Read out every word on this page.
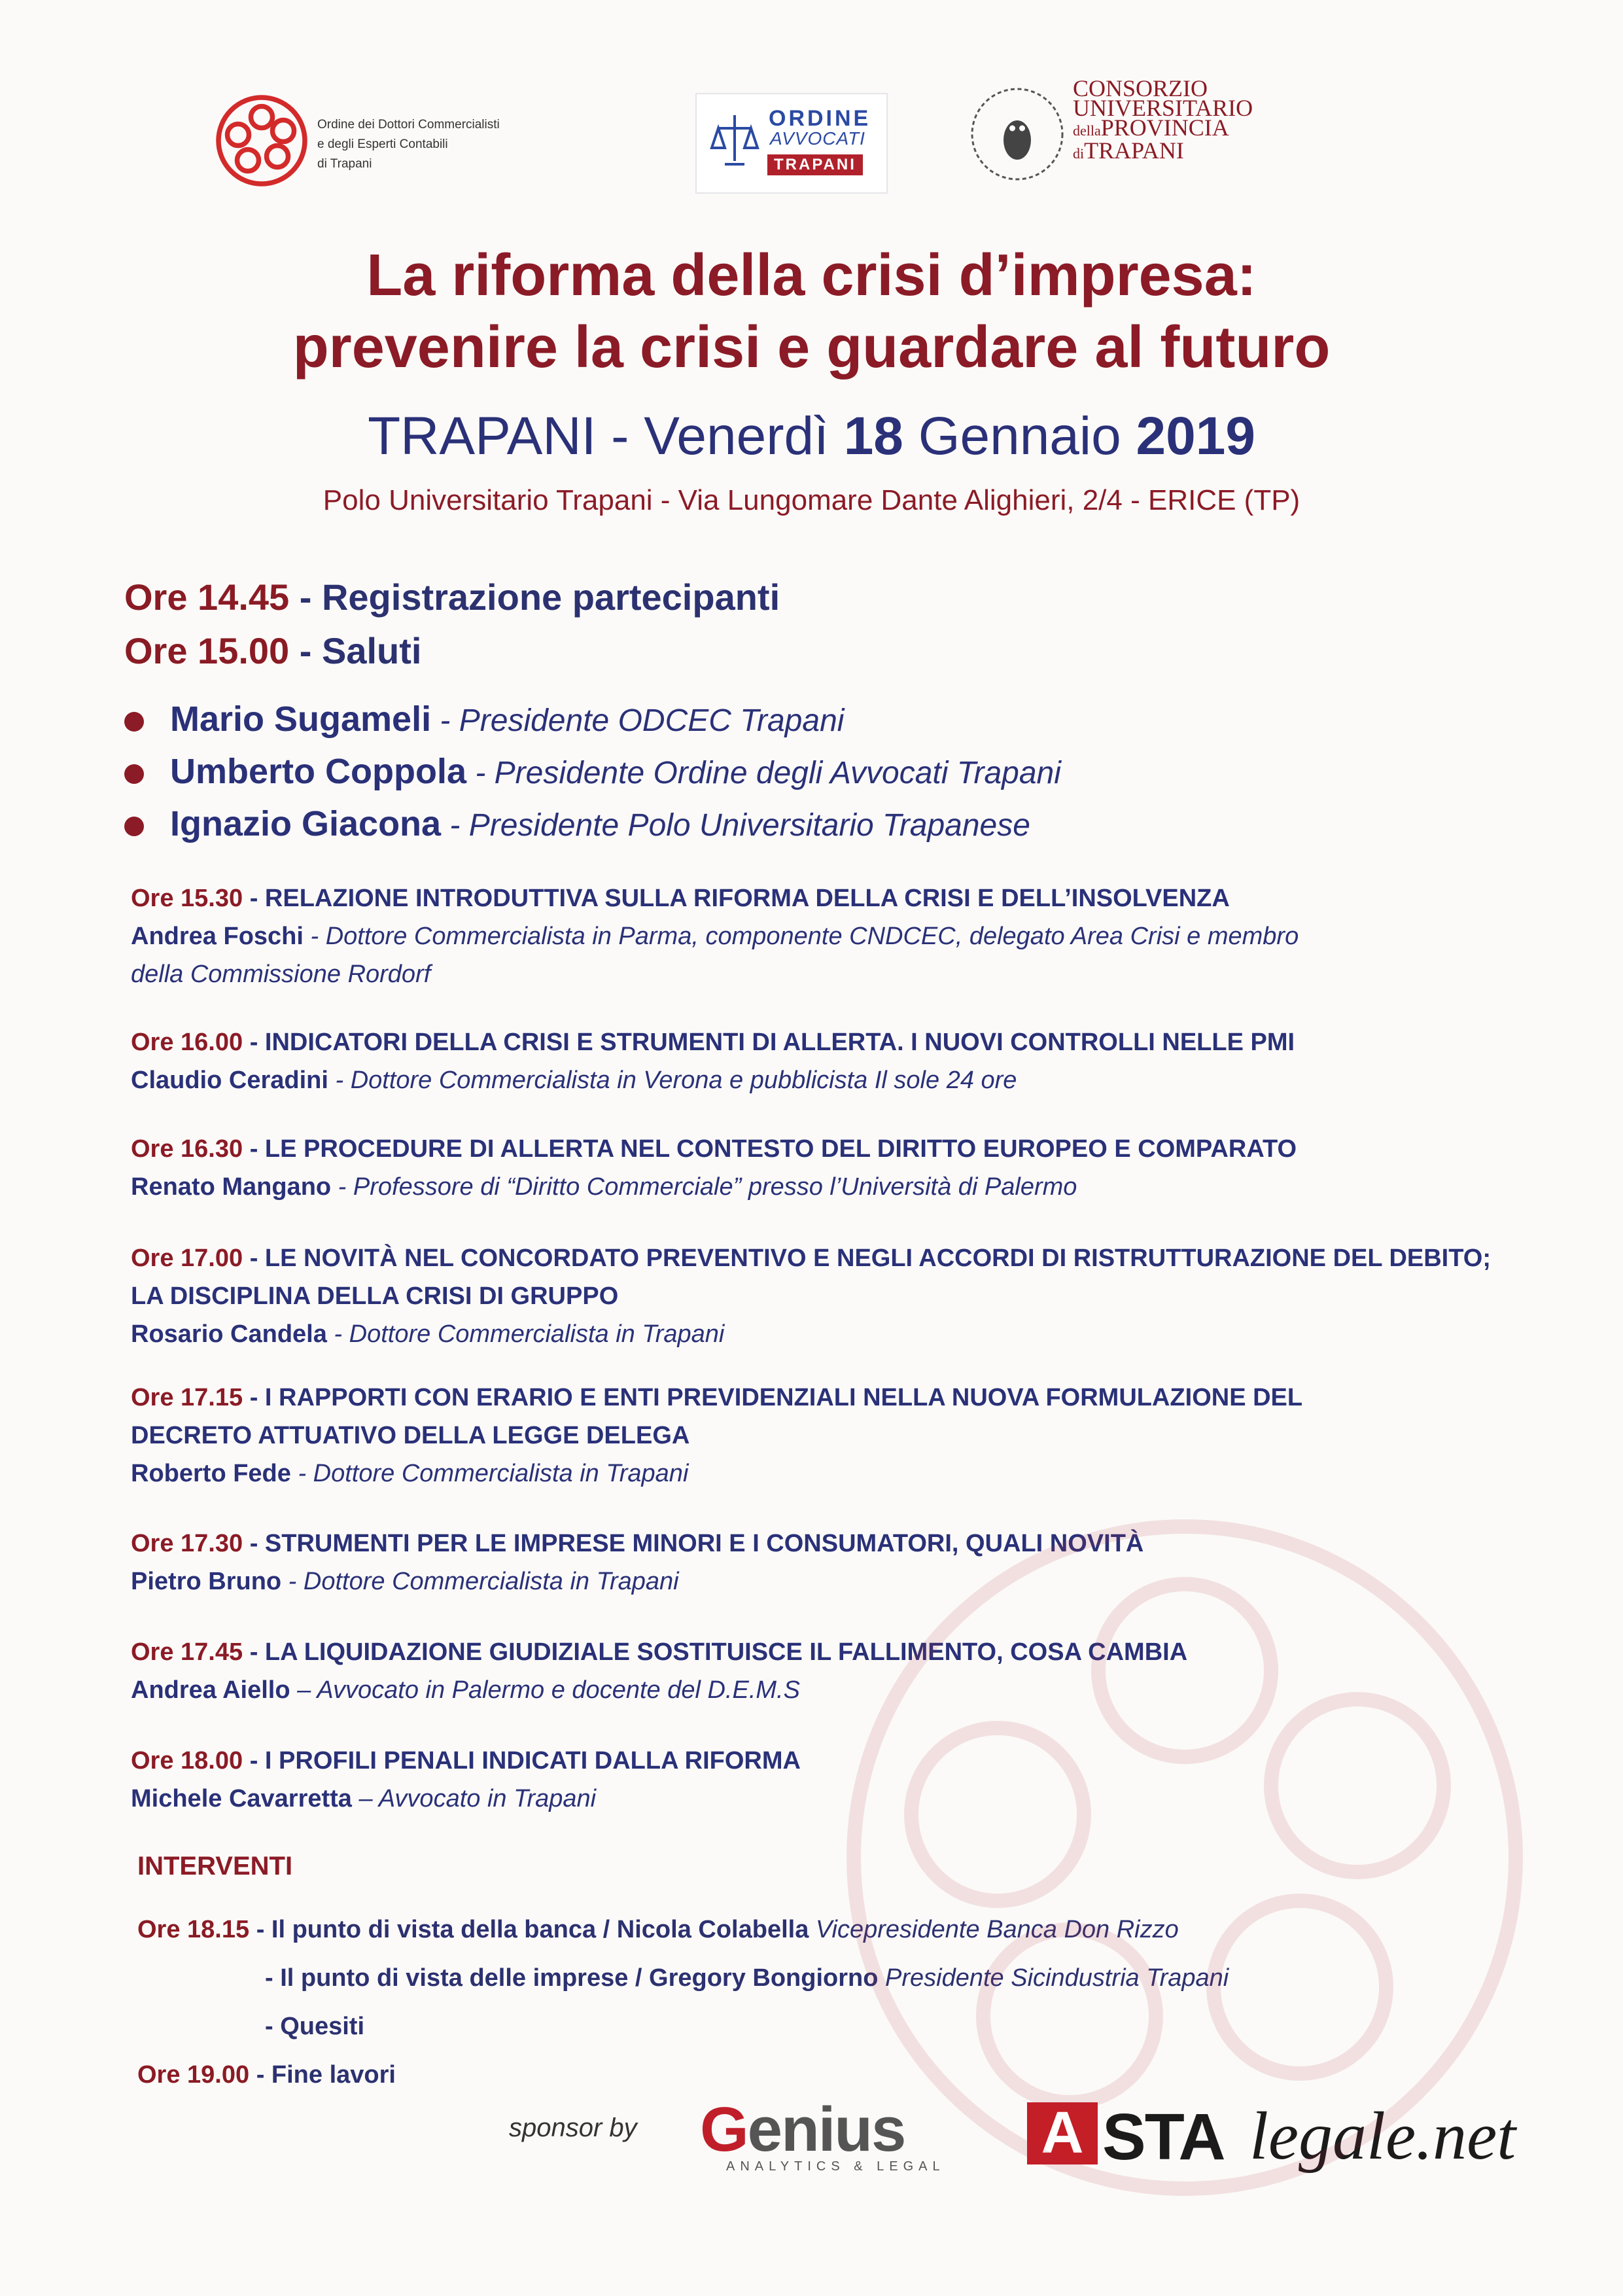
Ordine dei Dottori Commercialisti
e degli Esperti Contabili
di Trapani
ORDINE
AVVOCATI
TRAPANI
CONSORZIO
UNIVERSITARIO
dellaPROVINCIA
diTRAPANI
La riforma della crisi d’impresa:
prevenire la crisi e guardare al futuro
TRAPANI - Venerdì 18 Gennaio 2019
Polo Universitario Trapani - Via Lungomare Dante Alighieri, 2/4 - ERICE (TP)
Ore 14.45 - Registrazione partecipanti
Ore 15.00 - Saluti
Mario Sugameli - Presidente ODCEC Trapani
Umberto Coppola - Presidente Ordine degli Avvocati Trapani
Ignazio Giacona - Presidente Polo Universitario Trapanese
Ore 15.30 - RELAZIONE INTRODUTTIVA SULLA RIFORMA DELLA CRISI E DELL’INSOLVENZA
Andrea Foschi - Dottore Commercialista in Parma, componente CNDCEC, delegato Area Crisi e membro
della Commissione Rordorf
Ore 16.00 - INDICATORI DELLA CRISI E STRUMENTI DI ALLERTA. I NUOVI CONTROLLI NELLE PMI
Claudio Ceradini - Dottore Commercialista in Verona e pubblicista Il sole 24 ore
Ore 16.30 - LE PROCEDURE DI ALLERTA NEL CONTESTO DEL DIRITTO EUROPEO E COMPARATO
Renato Mangano - Professore di “Diritto Commerciale” presso l’Università di Palermo
Ore 17.00 - LE NOVITÀ NEL CONCORDATO PREVENTIVO E NEGLI ACCORDI DI RISTRUTTURAZIONE DEL DEBITO;
LA DISCIPLINA DELLA CRISI DI GRUPPO
Rosario Candela - Dottore Commercialista in Trapani
Ore 17.15 - I RAPPORTI CON ERARIO E ENTI PREVIDENZIALI NELLA NUOVA FORMULAZIONE DEL
DECRETO ATTUATIVO DELLA LEGGE DELEGA
Roberto Fede - Dottore Commercialista in Trapani
Ore 17.30 - STRUMENTI PER LE IMPRESE MINORI E I CONSUMATORI, QUALI NOVITÀ
Pietro Bruno - Dottore Commercialista in Trapani
Ore 17.45 - LA LIQUIDAZIONE GIUDIZIALE SOSTITUISCE IL FALLIMENTO, COSA CAMBIA
Andrea Aiello – Avvocato in Palermo e docente del D.E.M.S
Ore 18.00 - I PROFILI PENALI INDICATI DALLA RIFORMA
Michele Cavarretta – Avvocato in Trapani
INTERVENTI
Ore 18.15 - Il punto di vista della banca / Nicola Colabella Vicepresidente Banca Don Rizzo
- Il punto di vista delle imprese / Gregory Bongiorno Presidente Sicindustria Trapani
- Quesiti
Ore 19.00 - Fine lavori
sponsor by Genius
ANALYTICS & LEGAL
A STA legale.net
